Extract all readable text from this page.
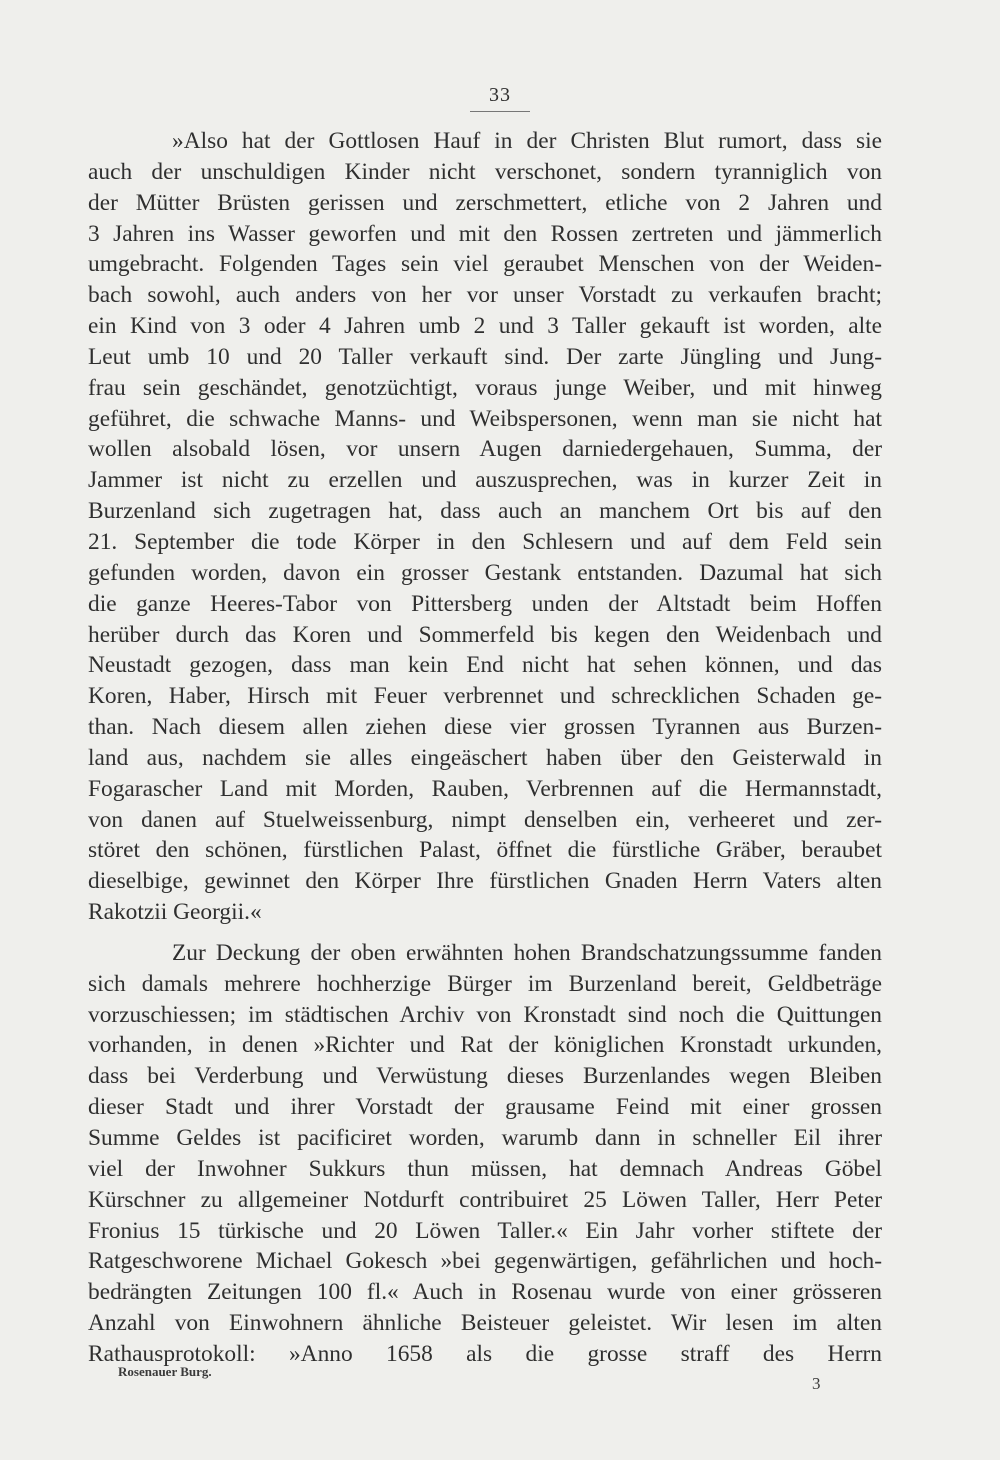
33
»Also hat der Gottlosen Hauf in der Christen Blut rumort, dass sie
auch der unschuldigen Kinder nicht verschonet, sondern tyranniglich von
der Mütter Brüsten gerissen und zerschmettert, etliche von 2 Jahren und
3 Jahren ins Wasser geworfen und mit den Rossen zertreten und jämmerlich
umgebracht. Folgenden Tages sein viel geraubet Menschen von der Weiden-
bach sowohl, auch anders von her vor unser Vorstadt zu verkaufen bracht;
ein Kind von 3 oder 4 Jahren umb 2 und 3 Taller gekauft ist worden, alte
Leut umb 10 und 20 Taller verkauft sind. Der zarte Jüngling und Jung-
frau sein geschändet, genotzüchtigt, voraus junge Weiber, und mit hinweg
geführet, die schwache Manns- und Weibspersonen, wenn man sie nicht hat
wollen alsobald lösen, vor unsern Augen darniedergehauen, Summa, der
Jammer ist nicht zu erzellen und auszusprechen, was in kurzer Zeit in
Burzenland sich zugetragen hat, dass auch an manchem Ort bis auf den
21. September die tode Körper in den Schlesern und auf dem Feld sein
gefunden worden, davon ein grosser Gestank entstanden. Dazumal hat sich
die ganze Heeres-Tabor von Pittersberg unden der Altstadt beim Hoffen
herüber durch das Koren und Sommerfeld bis kegen den Weidenbach und
Neustadt gezogen, dass man kein End nicht hat sehen können, und das
Koren, Haber, Hirsch mit Feuer verbrennet und schrecklichen Schaden ge-
than. Nach diesem allen ziehen diese vier grossen Tyrannen aus Burzen-
land aus, nachdem sie alles eingeäschert haben über den Geisterwald in
Fogarascher Land mit Morden, Rauben, Verbrennen auf die Hermannstadt,
von danen auf Stuelweissenburg, nimpt denselben ein, verheeret und zer-
störet den schönen, fürstlichen Palast, öffnet die fürstliche Gräber, beraubet
dieselbige, gewinnet den Körper Ihre fürstlichen Gnaden Herrn Vaters alten
Rakotzii Georgii.«
Zur Deckung der oben erwähnten hohen Brandschatzungssumme fanden
sich damals mehrere hochherzige Bürger im Burzenland bereit, Geldbeträge
vorzuschiessen; im städtischen Archiv von Kronstadt sind noch die Quittungen
vorhanden, in denen »Richter und Rat der königlichen Kronstadt urkunden,
dass bei Verderbung und Verwüstung dieses Burzenlandes wegen Bleiben
dieser Stadt und ihrer Vorstadt der grausame Feind mit einer grossen
Summe Geldes ist pacificiret worden, warumb dann in schneller Eil ihrer
viel der Inwohner Sukkurs thun müssen, hat demnach Andreas Göbel
Kürschner zu allgemeiner Notdurft contribuiret 25 Löwen Taller, Herr Peter
Fronius 15 türkische und 20 Löwen Taller.« Ein Jahr vorher stiftete der
Ratgeschworene Michael Gokesch »bei gegenwärtigen, gefährlichen und hoch-
bedrängten Zeitungen 100 fl.« Auch in Rosenau wurde von einer grösseren
Anzahl von Einwohnern ähnliche Beisteuer geleistet. Wir lesen im alten
Rathausprotokoll: »Anno 1658 als die grosse straff des Herrn
Rosenauer Burg.
3
